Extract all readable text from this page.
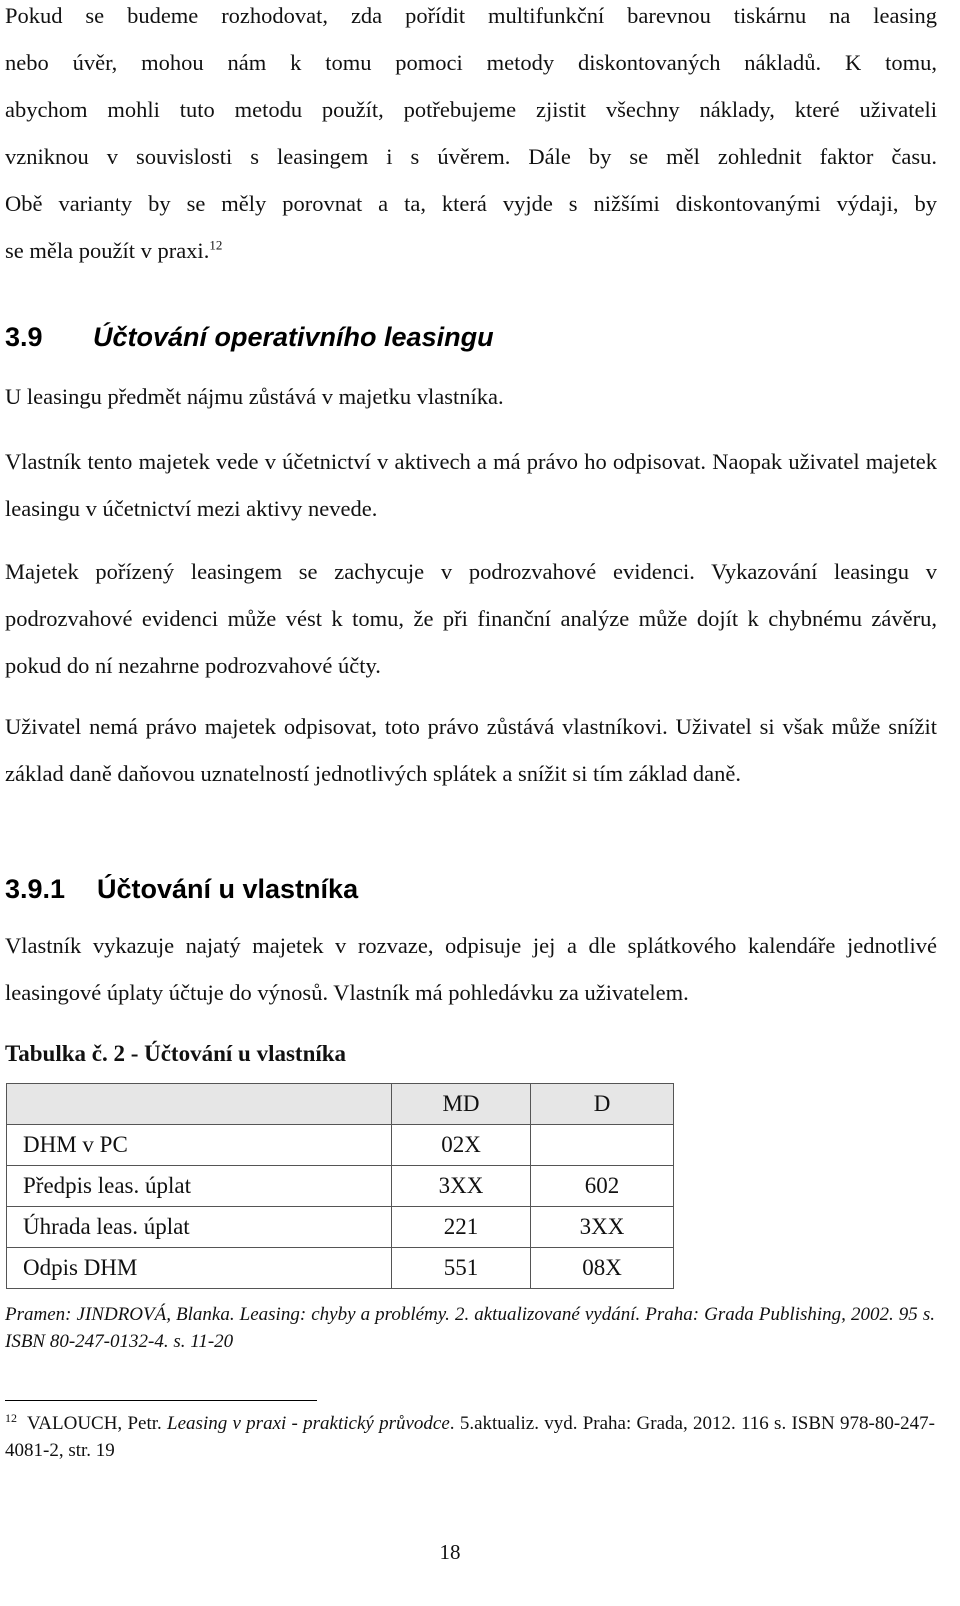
Pokud se budeme rozhodovat, zda pořídit multifunkční barevnou tiskárnu na leasing
nebo úvěr, mohou nám k tomu pomoci metody diskontovaných nákladů. K tomu,
abychom mohli tuto metodu použít, potřebujeme zjistit všechny náklady, které uživateli
vzniknou v souvislosti s leasingem i s úvěrem. Dále by se měl zohlednit faktor času.
Obě varianty by se měly porovnat a ta, která vyjde s nižšími diskontovanými výdaji, by
se měla použít v praxi.$^{12}$
3.9 Účtování operativního leasingu

U leasingu předmět nájmu zůstává v majetku vlastníka.

Vlastník tento majetek vede v účetnictví v aktivech a má právo ho odpisovat. Naopak uživatel majetek leasingu v účetnictví mezi aktivy nevede.

Majetek pořízený leasingem se zachycuje v podrozvahové evidenci. Vykazování leasingu v podrozvahové evidenci může vést k tomu, že při finanční analýze může dojít k chybnému závěru, pokud do ní nezahrne podrozvahové účty.

Uživatel nemá právo majetek odpisovat, toto právo zůstává vlastníkovi. Uživatel si však může snížit základ daně daňovou uznatelností jednotlivých splátek a snížit si tím základ daně.

3.9.1 Účtování u vlastníka

Vlastník vykazuje najatý majetek v rozvaze, odpisuje jej a dle splátkového kalendáře jednotlivé leasingové úplaty účtuje do výnosů. Vlastník má pohledávku za uživatelem.

Tabulka č. 2 - Účtování u vlastníka

	MD	D
DHM v PC	02X	
Předpis leas. úplat	3XX	602
Úhrada leas. úplat	221	3XX
Odpis DHM	551	08X

Pramen: JINDROVÁ, Blanka. Leasing: chyby a problémy. 2. aktualizované vydání. Praha: Grada Publishing, 2002. 95 s. ISBN 80-247-0132-4. s. 11-20

$^{12}$ VALOUCH, Petr. Leasing v praxi - praktický průvodce. 5.aktualiz. vyd. Praha: Grada, 2012. 116 s. ISBN 978-80-247-4081-2, str. 19

18
